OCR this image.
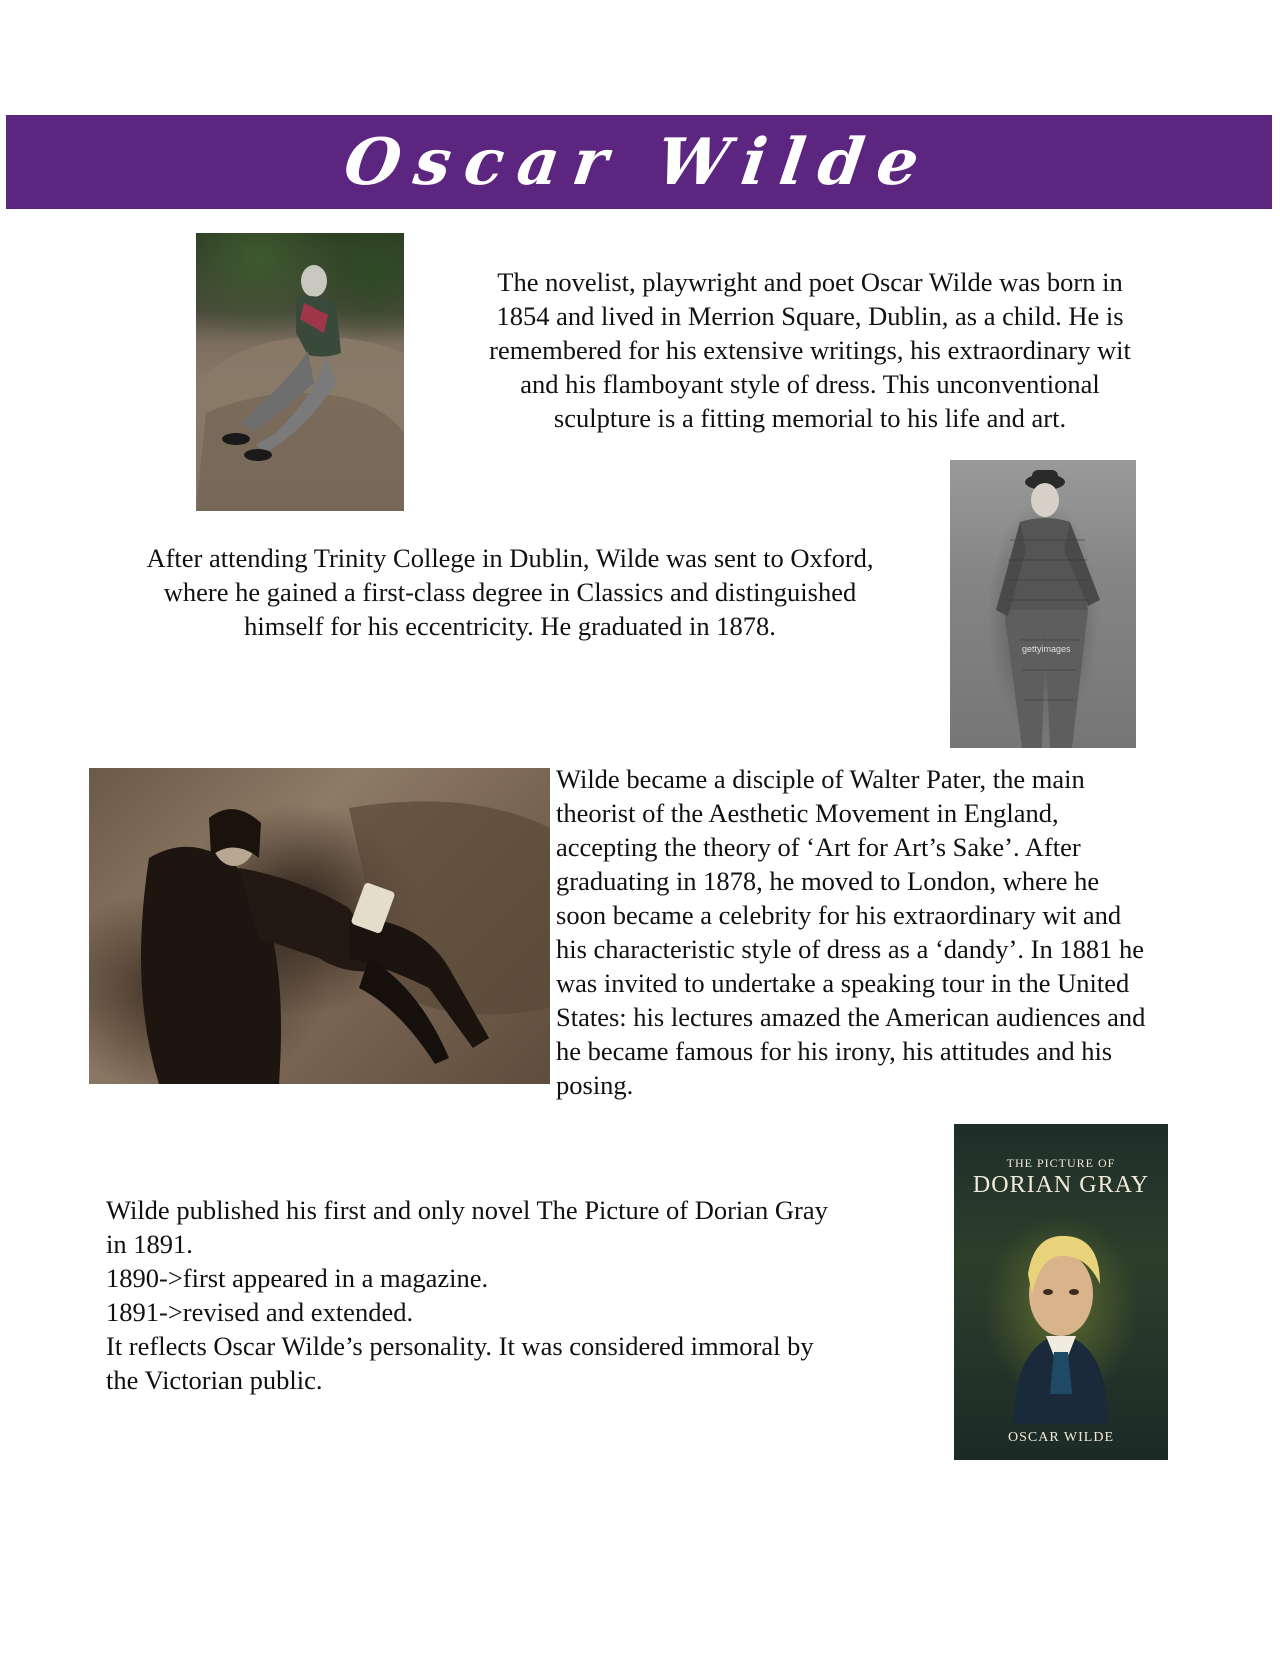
Oscar Wilde
The novelist, playwright and poet Oscar Wilde was born in
1854 and lived in Merrion Square, Dublin, as a child. He is
remembered for his extensive writings, his extraordinary wit
and his flamboyant style of dress. This unconventional
sculpture is a fitting memorial to his life and art.
gettyimages
After attending Trinity College in Dublin, Wilde was sent to Oxford,
where he gained a first-class degree in Classics and distinguished
himself for his eccentricity. He graduated in 1878.
Wilde became a disciple of Walter Pater, the main
theorist of the Aesthetic Movement in England,
accepting the theory of ‘Art for Art’s Sake’. After
graduating in 1878, he moved to London, where he
soon became a celebrity for his extraordinary wit and
his characteristic style of dress as a ‘dandy’. In 1881 he
was invited to undertake a speaking tour in the United
States: his lectures amazed the American audiences and
he became famous for his irony, his attitudes and his
posing.
Wilde published his first and only novel The Picture of Dorian Gray
in 1891.
1890->first appeared in a magazine.
1891->revised and extended.
It reflects Oscar Wilde’s personality. It was considered immoral by
the Victorian public.
THE PICTURE OF
DORIAN GRAY
OSCAR WILDE
